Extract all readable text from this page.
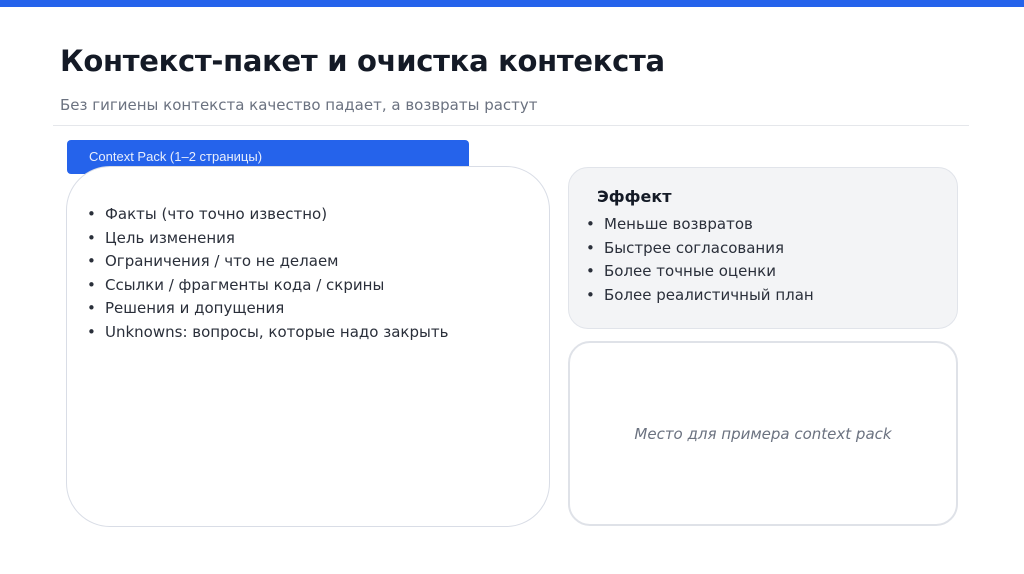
Контекст-пакет и очистка контекста

Без гигиены контекста качество падает, а возвраты растут

Context Pack (1–2 страницы)
• Факты (что точно известно)
• Цель изменения
• Ограничения / что не делаем
• Ссылки / фрагменты кода / скрины
• Решения и допущения
• Unknowns: вопросы, которые надо закрыть
Эффект
• Меньше возвратов
• Быстрее согласования
• Более точные оценки
• Более реалистичный план
Место для примера context pack
